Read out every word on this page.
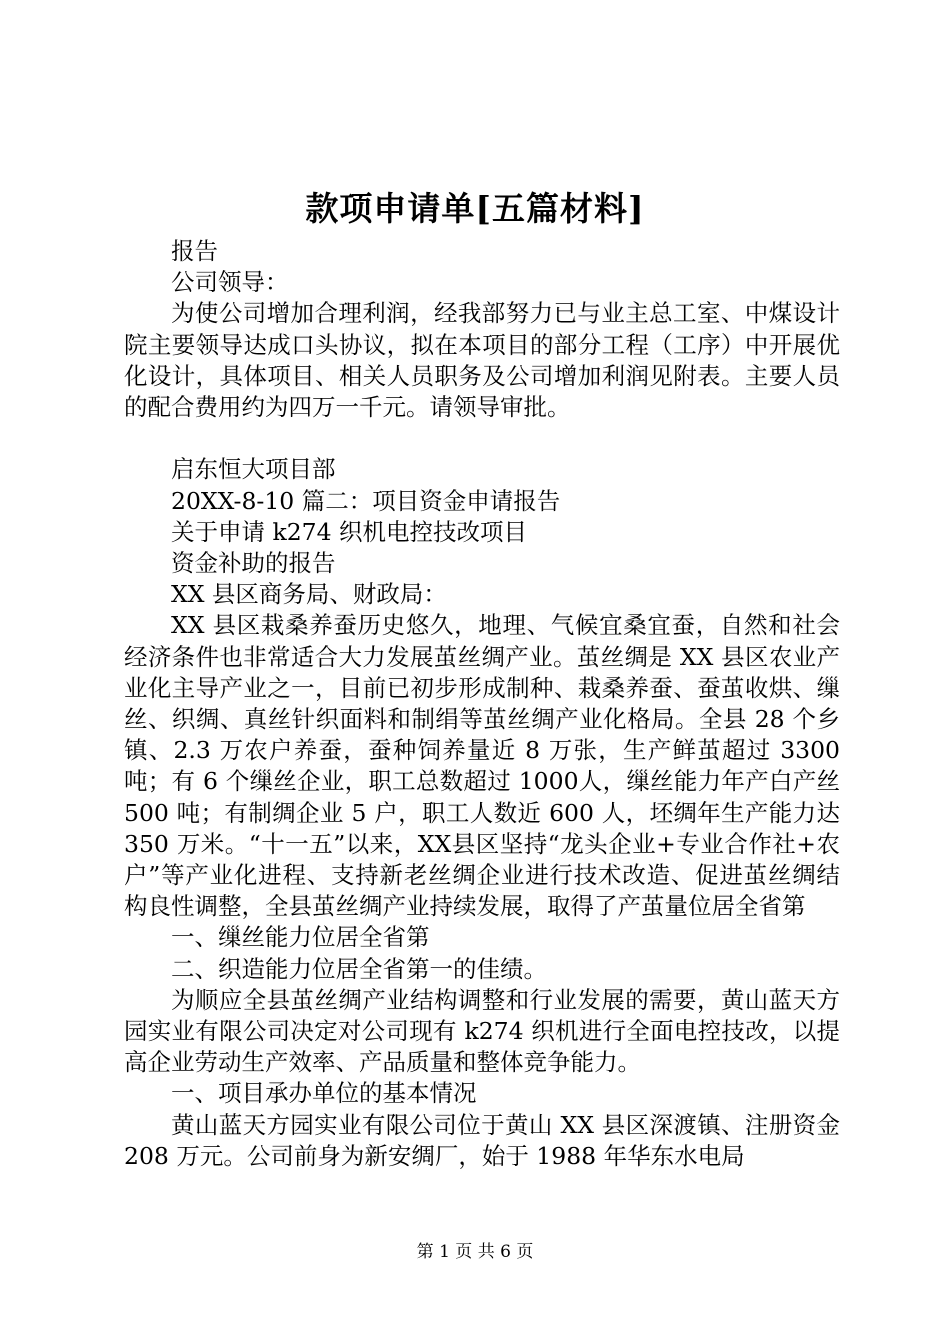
款项申请单[五篇材料]

报告

公司领导：

为使公司增加合理利润，经我部努力已与业主总工室、中煤设计院主要领导达成口头协议，拟在本项目的部分工程（工序）中开展优化设计，具体项目、相关人员职务及公司增加利润见附表。主要人员的配合费用约为四万一千元。请领导审批。

启东恒大项目部

20XX-8-10 篇二：项目资金申请报告

关于申请 k274 织机电控技改项目

资金补助的报告

XX 县区商务局、财政局：

XX 县区栽桑养蚕历史悠久，地理、气候宜桑宜蚕，自然和社会经济条件也非常适合大力发展茧丝绸产业。茧丝绸是 XX 县区农业产业化主导产业之一，目前已初步形成制种、栽桑养蚕、蚕茧收烘、缫丝、织绸、真丝针织面料和制绢等茧丝绸产业化格局。全县 28 个乡镇、2.3 万农户养蚕，蚕种饲养量近 8 万张，生产鲜茧超过 3300 吨；有 6 个缫丝企业，职工总数超过 1000人，缫丝能力年产白产丝 500 吨；有制绸企业 5 户，职工人数近 600 人，坯绸年生产能力达 350 万米。“十一五”以来，XX县区坚持“龙头企业+专业合作社+农户”等产业化进程、支持新老丝绸企业进行技术改造、促进茧丝绸结构良性调整，全县茧丝绸产业持续发展，取得了产茧量位居全省第

一、缫丝能力位居全省第

二、织造能力位居全省第一的佳绩。

为顺应全县茧丝绸产业结构调整和行业发展的需要，黄山蓝天方园实业有限公司决定对公司现有 k274 织机进行全面电控技改，以提高企业劳动生产效率、产品质量和整体竞争能力。

一、项目承办单位的基本情况

黄山蓝天方园实业有限公司位于黄山 XX 县区深渡镇、注册资金 208 万元。公司前身为新安绸厂，始于 1988 年华东水电局

第 1 页 共 6 页
